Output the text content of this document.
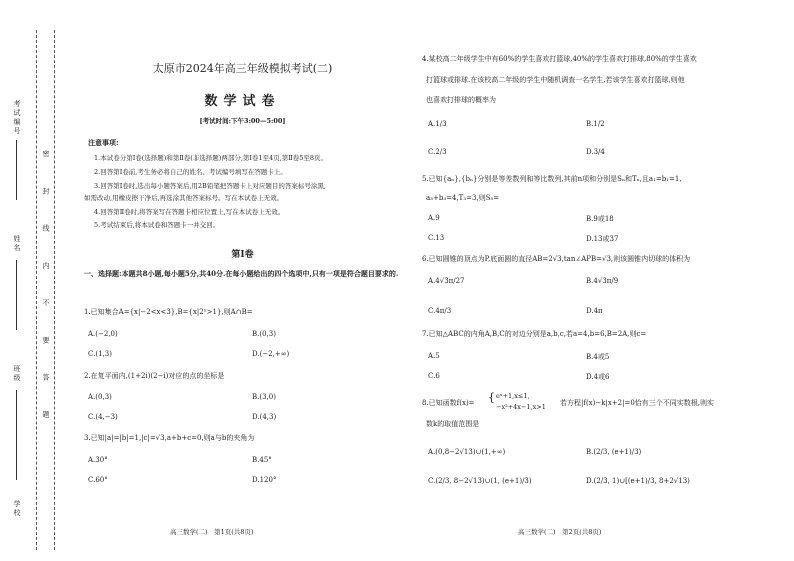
考试编号
姓名
班级
学校
密 封 线 内 不 要 答 题
太原市2024年高三年级模拟考试(二)
数学试卷
[考试时间:下午3:00—5:00]
注意事项:
1.本试卷分第Ⅰ卷(选择题)和第Ⅱ卷(非选择题)两部分,第Ⅰ卷1至4页,第Ⅱ卷5至8页。
2.回答第Ⅰ卷前,考生务必将自己的姓名、考试编号填写在答题卡上。
3.回答第Ⅰ卷时,选出每小题答案后,用2B铅笔把答题卡上对应题目的答案标号涂黑,
如需改动,用橡皮擦干净后,再选涂其他答案标号。写在本试卷上无效。
4.回答第Ⅱ卷时,将答案写在答题卡相应位置上,写在本试卷上无效。
5.考试结束后,将本试卷和答题卡一并交回。
第Ⅰ卷
一、选择题:本题共8小题,每小题5分,共40分.在每小题给出的四个选项中,只有一项是符合题目要求的.
1.已知集合A={x|−2<x<3},B={x|2ˣ>1},则A∩B=
A.(−2,0)	B.(0,3)
C.(1,3)	D.(−2,+∞)
2.在复平面内,(1+2i)(2−i)对应的点的坐标是
A.(0,3)	B.(3,0)
C.(4,−3)	D.(4,3)
3.已知|a|=|b|=1,|c|=√3,a+b+c=0,则a与b的夹角为
A.30°	B.45°
C.60°	D.120°
高三数学(二)　第1页(共8页)
4.某校高二年级学生中有60%的学生喜欢打篮球,40%的学生喜欢打排球,80%的学生喜欢
打篮球或排球.在该校高二年级的学生中随机调查一名学生,若该学生喜欢打篮球,则他
也喜欢打排球的概率为
A.1/3	B.1/2
C.2/3	D.3/4
5.已知{aₙ},{bₙ}分别是等差数列和等比数列,其前n项和分别是Sₙ和Tₙ,且a₁=b₁=1,
a₃+b₃=4,T₃=3,则S₅=
A.9	B.9或18
C.13	D.13或37
6.已知圆锥的顶点为P,底面圆的直径AB=2√3,tan∠APB=√3,则该圆锥内切球的体积为
A.4√3π/27	B.4√3π/9
C.4π/3	D.4π
7.已知△ABC的内角A,B,C的对边分别是a,b,c,若a=4,b=6,B=2A,则c=
A.5	B.4或5
C.6	D.4或6
8.已知函数f(x)= { eˣ+1,x≤1,
−x²+4x−1,x>1 若方程|f(x)−k|x+2|=0恰有三个不同实数根,则实
数k的取值范围是
A.(0,8−2√13)∪(1,+∞)	B.(2/3, (e+1)/3)
C.(2/3, 8−2√13)∪(1, (e+1)/3)	D.(2/3, 1)∪[(e+1)/3, 8+2√13)
高三数学(二)　第2页(共8页)
